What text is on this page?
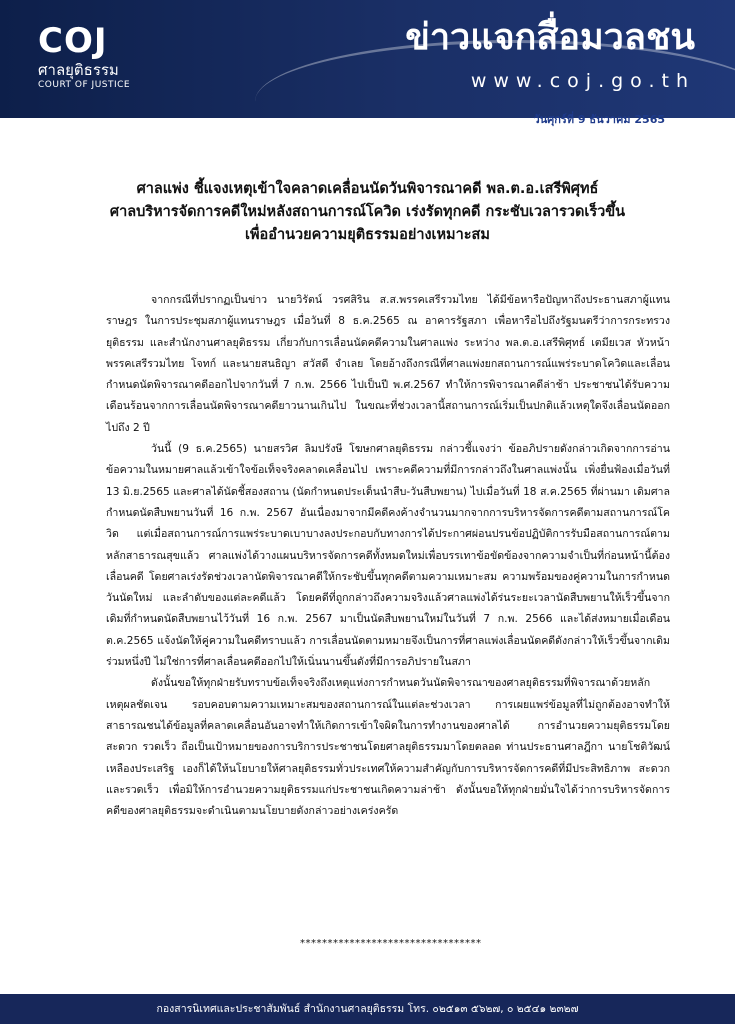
COJ
ศาลยุติธรรม
COURT OF JUSTICE
ข่าวแจกสื่อมวลชน
www.coj.go.th
วันศุกร์ที่ 9 ธันวาคม 2565
ศาลแพ่ง ชี้แจงเหตุเข้าใจคลาดเคลื่อนนัดวันพิจารณาคดี พล.ต.อ.เสรีพิศุทธ์
ศาลบริหารจัดการคดีใหม่หลังสถานการณ์โควิด เร่งรัดทุกคดี กระชับเวลารวดเร็วขึ้น
เพื่ออำนวยความยุติธรรมอย่างเหมาะสม

จากกรณีที่ปรากฏเป็นข่าว นายวิรัตน์ วรศสิริน ส.ส.พรรคเสรีรวมไทย ได้มีข้อหารือปัญหาถึงประธานสภาผู้แทนราษฎร ในการประชุมสภาผู้แทนราษฎร เมื่อวันที่ 8 ธ.ค.2565 ณ อาคารรัฐสภา เพื่อหารือไปถึงรัฐมนตรีว่าการกระทรวงยุติธรรม และสำนักงานศาลยุติธรรม เกี่ยวกับการเลื่อนนัดคดีความในศาลแพ่ง ระหว่าง พล.ต.อ.เสรีพิศุทธ์ เตมียเวส หัวหน้าพรรคเสรีรวมไทย โจทก์ และนายสนธิญา สวัสดี จำเลย โดยอ้างถึงกรณีที่ศาลแพ่งยกสถานการณ์แพร่ระบาดโควิดและเลื่อนกำหนดนัดพิจารณาคดีออกไปจากวันที่ 7 ก.พ. 2566 ไปเป็นปี พ.ศ.2567 ทำให้การพิจารณาคดีล่าช้า ประชาชนได้รับความเดือนร้อนจากการเลื่อนนัดพิจารณาคดียาวนานเกินไป ในขณะที่ช่วงเวลานี้สถานการณ์เริ่มเป็นปกติแล้วเหตุใดจึงเลื่อนนัดออกไปถึง 2 ปี

วันนี้ (9 ธ.ค.2565) นายสรวิศ ลิมปรังษี โฆษกศาลยุติธรรม กล่าวชี้แจงว่า ข้ออภิปรายดังกล่าวเกิดจากการอ่านข้อความในหมายศาลแล้วเข้าใจข้อเท็จจริงคลาดเคลื่อนไป เพราะคดีความที่มีการกล่าวถึงในศาลแพ่งนั้น เพิ่งยื่นฟ้องเมื่อวันที่ 13 มิ.ย.2565 และศาลได้นัดชี้สองสถาน (นัดกำหนดประเด็นนำสืบ-วันสืบพยาน) ไปเมื่อวันที่ 18 ส.ค.2565 ที่ผ่านมา เดิมศาลกำหนดนัดสืบพยานวันที่ 16 ก.พ. 2567 อันเนื่องมาจากมีคดีคงค้างจำนวนมากจากการบริหารจัดการคดีตามสถานการณ์โควิด แต่เมื่อสถานการณ์การแพร่ระบาดเบาบางลงประกอบกับทางการได้ประกาศผ่อนปรนข้อปฏิบัติการรับมือสถานการณ์ตามหลักสาธารณสุขแล้ว ศาลแพ่งได้วางแผนบริหารจัดการคดีทั้งหมดใหม่เพื่อบรรเทาข้อขัดข้องจากความจำเป็นที่ก่อนหน้านี้ต้องเลื่อนคดี โดยศาลเร่งรัดช่วงเวลานัดพิจารณาคดีให้กระชับขึ้นทุกคดีตามความเหมาะสม ความพร้อมของคู่ความในการกำหนดวันนัดใหม่ และลำดับของแต่ละคดีแล้ว โดยคดีที่ถูกกล่าวถึงความจริงแล้วศาลแพ่งได้ร่นระยะเวลานัดสืบพยานให้เร็วขึ้นจากเดิมที่กำหนดนัดสืบพยานไว้วันที่ 16 ก.พ. 2567 มาเป็นนัดสืบพยานใหม่ในวันที่ 7 ก.พ. 2566 และได้ส่งหมายเมื่อเดือน ต.ค.2565 แจ้งนัดให้คู่ความในคดีทราบแล้ว การเลื่อนนัดตามหมายจึงเป็นการที่ศาลแพ่งเลื่อนนัดคดีดังกล่าวให้เร็วขึ้นจากเดิมร่วมหนึ่งปี ไม่ใช่การที่ศาลเลื่อนคดีออกไปให้เนิ่นนานขึ้นดังที่มีการอภิปรายในสภา

ดังนั้นขอให้ทุกฝ่ายรับทราบข้อเท็จจริงถึงเหตุแห่งการกำหนดวันนัดพิจารณาของศาลยุติธรรมที่พิจารณาด้วยหลักเหตุผลชัดเจน รอบคอบตามความเหมาะสมของสถานการณ์ในแต่ละช่วงเวลา การเผยแพร่ข้อมูลที่ไม่ถูกต้องอาจทำให้สาธารณชนได้ข้อมูลที่คลาดเคลื่อนอันอาจทำให้เกิดการเข้าใจผิดในการทำงานของศาลได้ การอำนวยความยุติธรรมโดยสะดวก รวดเร็ว ถือเป็นเป้าหมายของการบริการประชาชนโดยศาลยุติธรรมมาโดยตลอด ท่านประธานศาลฎีกา นายโชติวัฒน์ เหลืองประเสริฐ เองก็ได้ให้นโยบายให้ศาลยุติธรรมทั่วประเทศให้ความสำคัญกับการบริหารจัดการคดีที่มีประสิทธิภาพ สะดวกและรวดเร็ว เพื่อมิให้การอำนวยความยุติธรรมแก่ประชาชนเกิดความล่าช้า ดังนั้นขอให้ทุกฝ่ายมั่นใจได้ว่าการบริหารจัดการคดีของศาลยุติธรรมจะดำเนินตามนโยบายดังกล่าวอย่างเคร่งครัด

*********************************
กองสารนิเทศและประชาสัมพันธ์ สำนักงานศาลยุติธรรม โทร. ๐๒๕๑๓ ๕๖๒๗, ๐ ๒๕๔๑ ๒๓๒๗
